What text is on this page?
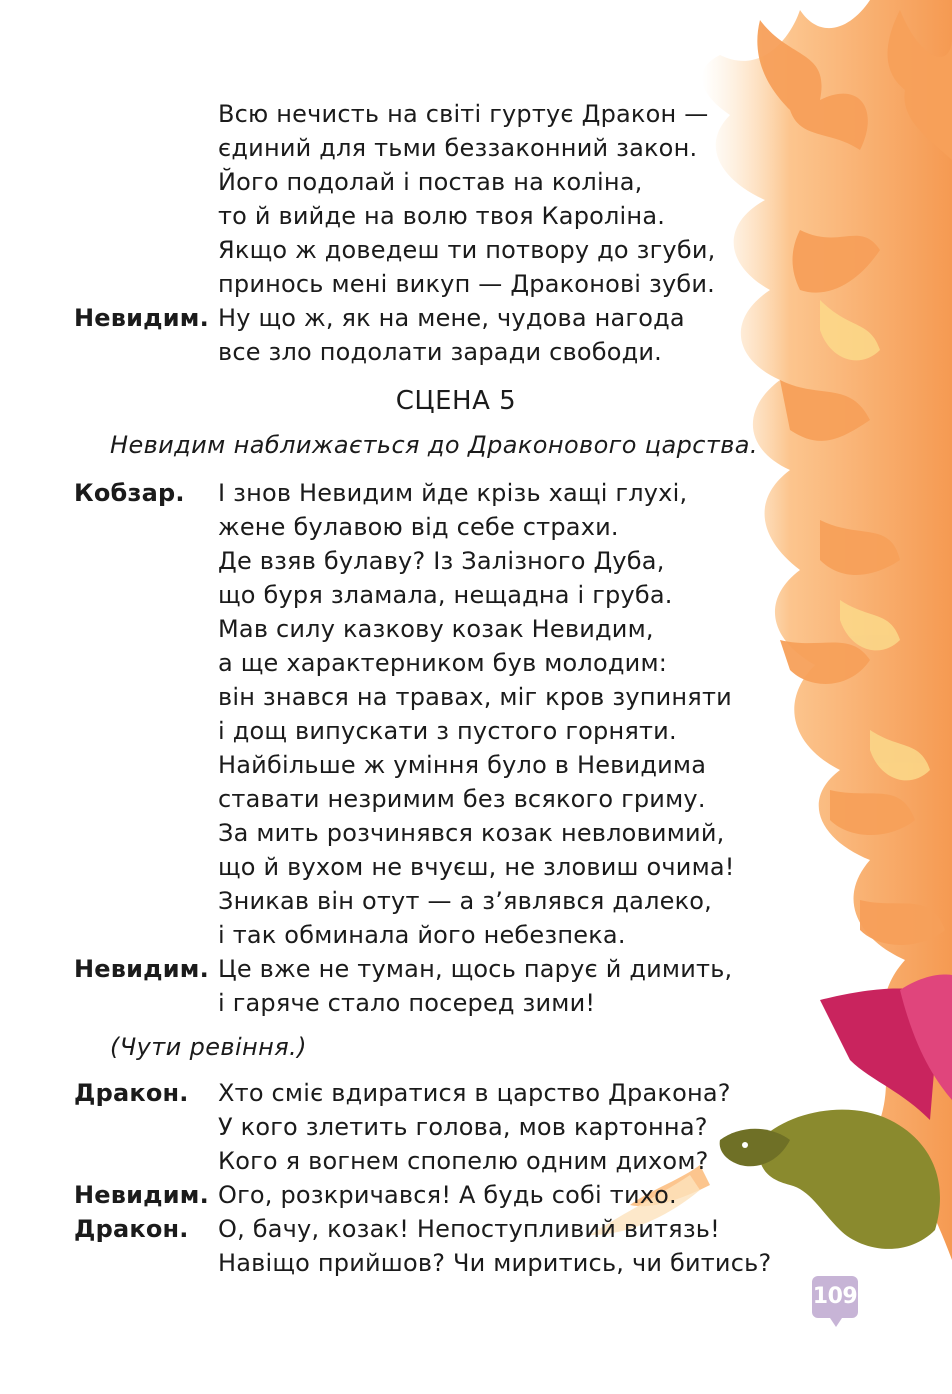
Всю нечисть на світі гуртує Дракон —
єдиний для тьми беззаконний закон.
Його подолай і постав на коліна,
то й вийде на волю твоя Кароліна.
Якщо ж доведеш ти потвору до згуби,
принось мені викуп — Драконові зуби.
Невидим. Ну що ж, як на мене, чудова нагода
все зло подолати заради свободи.
СЦЕНА 5
Невидим наближається до Драконового царства.
Кобзар. І знов Невидим йде крізь хащі глухі,
жене булавою від себе страхи.
Де взяв булаву? Із Залізного Дуба,
що буря зламала, нещадна і груба.
Мав силу казкову козак Невидим,
а ще характерником був молодим:
він знався на травах, міг кров зупиняти
і дощ випускати з пустого горняти.
Найбільше ж уміння було в Невидима
ставати незримим без всякого гриму.
За мить розчинявся козак невловимий,
що й вухом не вчуєш, не зловиш очима!
Зникав він отут — а з’являвся далеко,
і так обминала його небезпека.
Невидим. Це вже не туман, щось парує й димить,
і гаряче стало посеред зими!
(Чути ревіння.)
Дракон. Хто сміє вдиратися в царство Дракона?
У кого злетить голова, мов картонна?
Кого я вогнем спопелю одним дихом?
Невидим. Ого, розкричався! А будь собі тихо.
Дракон. О, бачу, козак! Непоступливий витязь!
Навіщо прийшов? Чи миритись, чи битись?
109
